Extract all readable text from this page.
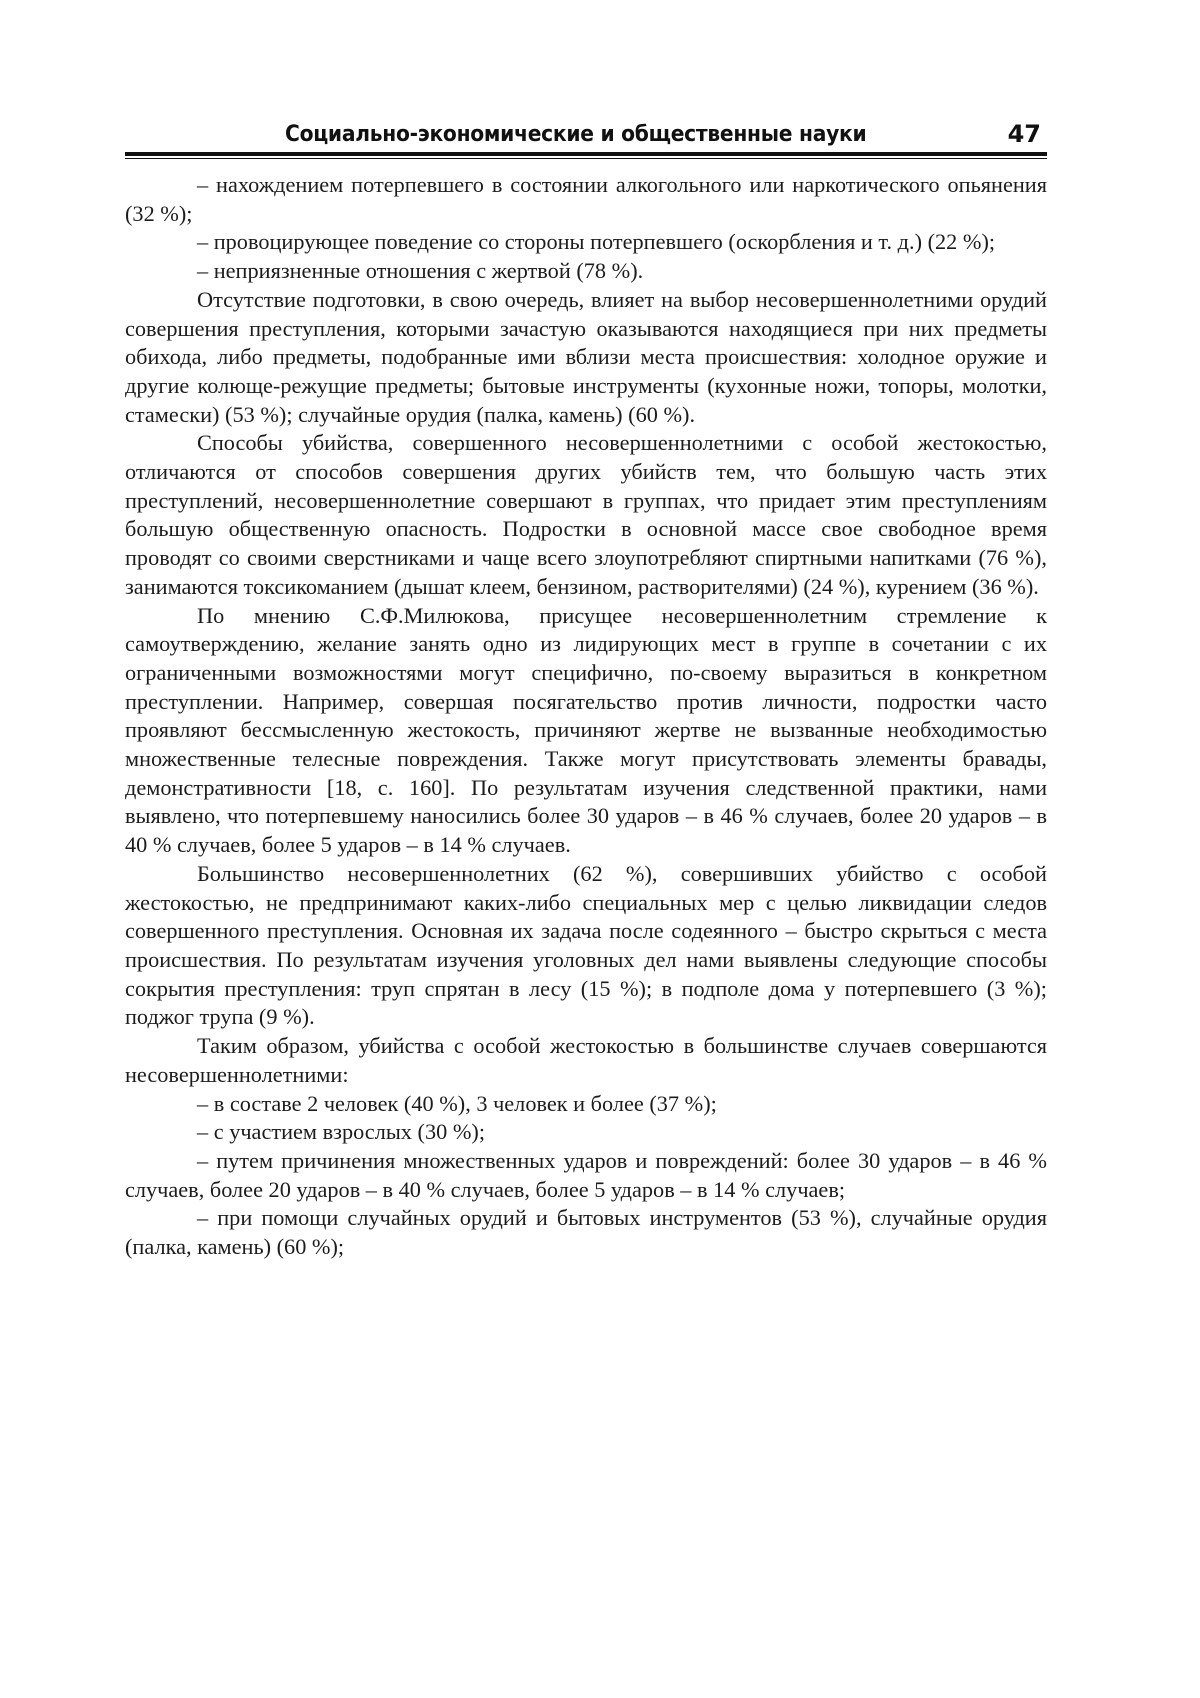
Социально-экономические и общественные науки	47

– нахождением потерпевшего в состоянии алкогольного или наркотического опьянения (32 %);

– провоцирующее поведение со стороны потерпевшего (оскорбления и т. д.) (22 %);

– неприязненные отношения с жертвой (78 %).

Отсутствие подготовки, в свою очередь, влияет на выбор несовершеннолетними орудий совершения преступления, которыми зачастую оказываются находящиеся при них предметы обихода, либо предметы, подобранные ими вблизи места происшествия: холодное оружие и другие колюще-режущие предметы; бытовые инструменты (кухонные ножи, топоры, молотки, стамески) (53 %); случайные орудия (палка, камень) (60 %).

Способы убийства, совершенного несовершеннолетними с особой жестокостью, отличаются от способов совершения других убийств тем, что большую часть этих преступлений, несовершеннолетние совершают в группах, что придает этим преступлениям большую общественную опасность. Подростки в основной массе свое свободное время проводят со своими сверстниками и чаще всего злоупотребляют спиртными напитками (76 %), занимаются токсикоманием (дышат клеем, бензином, растворителями) (24 %), курением (36 %).

По мнению С.Ф.Милюкова, присущее несовершеннолетним стремление к самоутверждению, желание занять одно из лидирующих мест в группе в сочетании с их ограниченными возможностями могут специфично, по-своему выразиться в конкретном преступлении. Например, совершая посягательство против личности, подростки часто проявляют бессмысленную жестокость, причиняют жертве не вызванные необходимостью множественные телесные повреждения. Также могут присутствовать элементы бравады, демонстративности [18, с. 160]. По результатам изучения следственной практики, нами выявлено, что потерпевшему наносились более 30 ударов – в 46 % случаев, более 20 ударов – в 40 % случаев, более 5 ударов – в 14 % случаев.

Большинство несовершеннолетних (62 %), совершивших убийство с особой жестокостью, не предпринимают каких-либо специальных мер с целью ликвидации следов совершенного преступления. Основная их задача после содеянного – быстро скрыться с места происшествия. По результатам изучения уголовных дел нами выявлены следующие способы сокрытия преступления: труп спрятан в лесу (15 %); в подполе дома у потерпевшего (3 %); поджог трупа (9 %).

Таким образом, убийства с особой жестокостью в большинстве случаев совершаются несовершеннолетними:

– в составе 2 человек (40 %), 3 человек и более (37 %);

– с участием взрослых (30 %);

– путем причинения множественных ударов и повреждений: более 30 ударов – в 46 % случаев, более 20 ударов – в 40 % случаев, более 5 ударов – в 14 % случаев;

– при помощи случайных орудий и бытовых инструментов (53 %), случайные орудия (палка, камень) (60 %);
